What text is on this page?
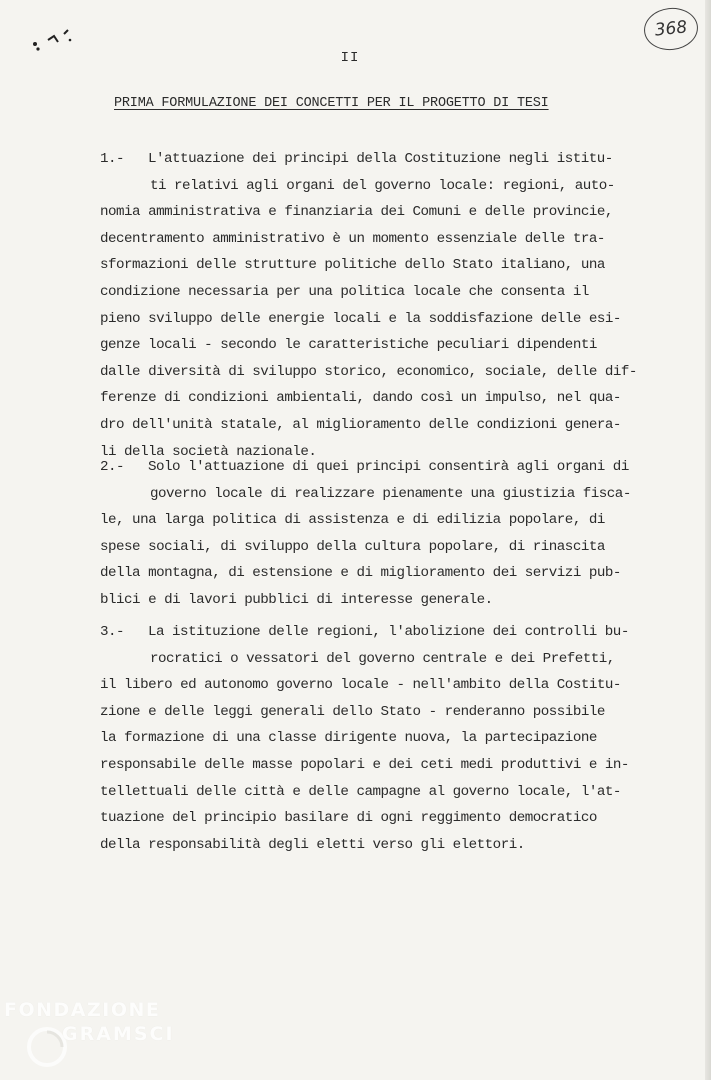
368
II
PRIMA FORMULAZIONE DEI CONCETTI PER IL PROGETTO DI TESI
1.- L'attuazione dei principi della Costituzione negli istitu-
ti relativi agli organi del governo locale: regioni, auto-
nomia amministrativa e finanziaria dei Comuni e delle provincie,
decentramento amministrativo è un momento essenziale delle tra-
sformazioni delle strutture politiche dello Stato italiano, una
condizione necessaria per una politica locale che consenta il
pieno sviluppo delle energie locali e la soddisfazione delle esi-
genze locali - secondo le caratteristiche peculiari dipendenti
dalle diversità di sviluppo storico, economico, sociale, delle dif-
ferenze di condizioni ambientali, dando così un impulso, nel qua-
dro dell'unità statale, al miglioramento delle condizioni genera-
li della società nazionale.
2.- Solo l'attuazione di quei principi consentirà agli organi di
governo locale di realizzare pienamente una giustizia fisca-
le, una larga politica di assistenza e di edilizia popolare, di
spese sociali, di sviluppo della cultura popolare, di rinascita
della montagna, di estensione e di miglioramento dei servizi pub-
blici e di lavori pubblici di interesse generale.
3.- La istituzione delle regioni, l'abolizione dei controlli bu-
rocratici o vessatori del governo centrale e dei Prefetti,
il libero ed autonomo governo locale - nell'ambito della Costitu-
zione e delle leggi generali dello Stato - renderanno possibile
la formazione di una classe dirigente nuova, la partecipazione
responsabile delle masse popolari e dei ceti medi produttivi e in-
tellettuali delle città e delle campagne al governo locale, l'at-
tuazione del principio basilare di ogni reggimento democratico
della responsabilità degli eletti verso gli elettori.
FONDAZIONE
GRAMSCI
